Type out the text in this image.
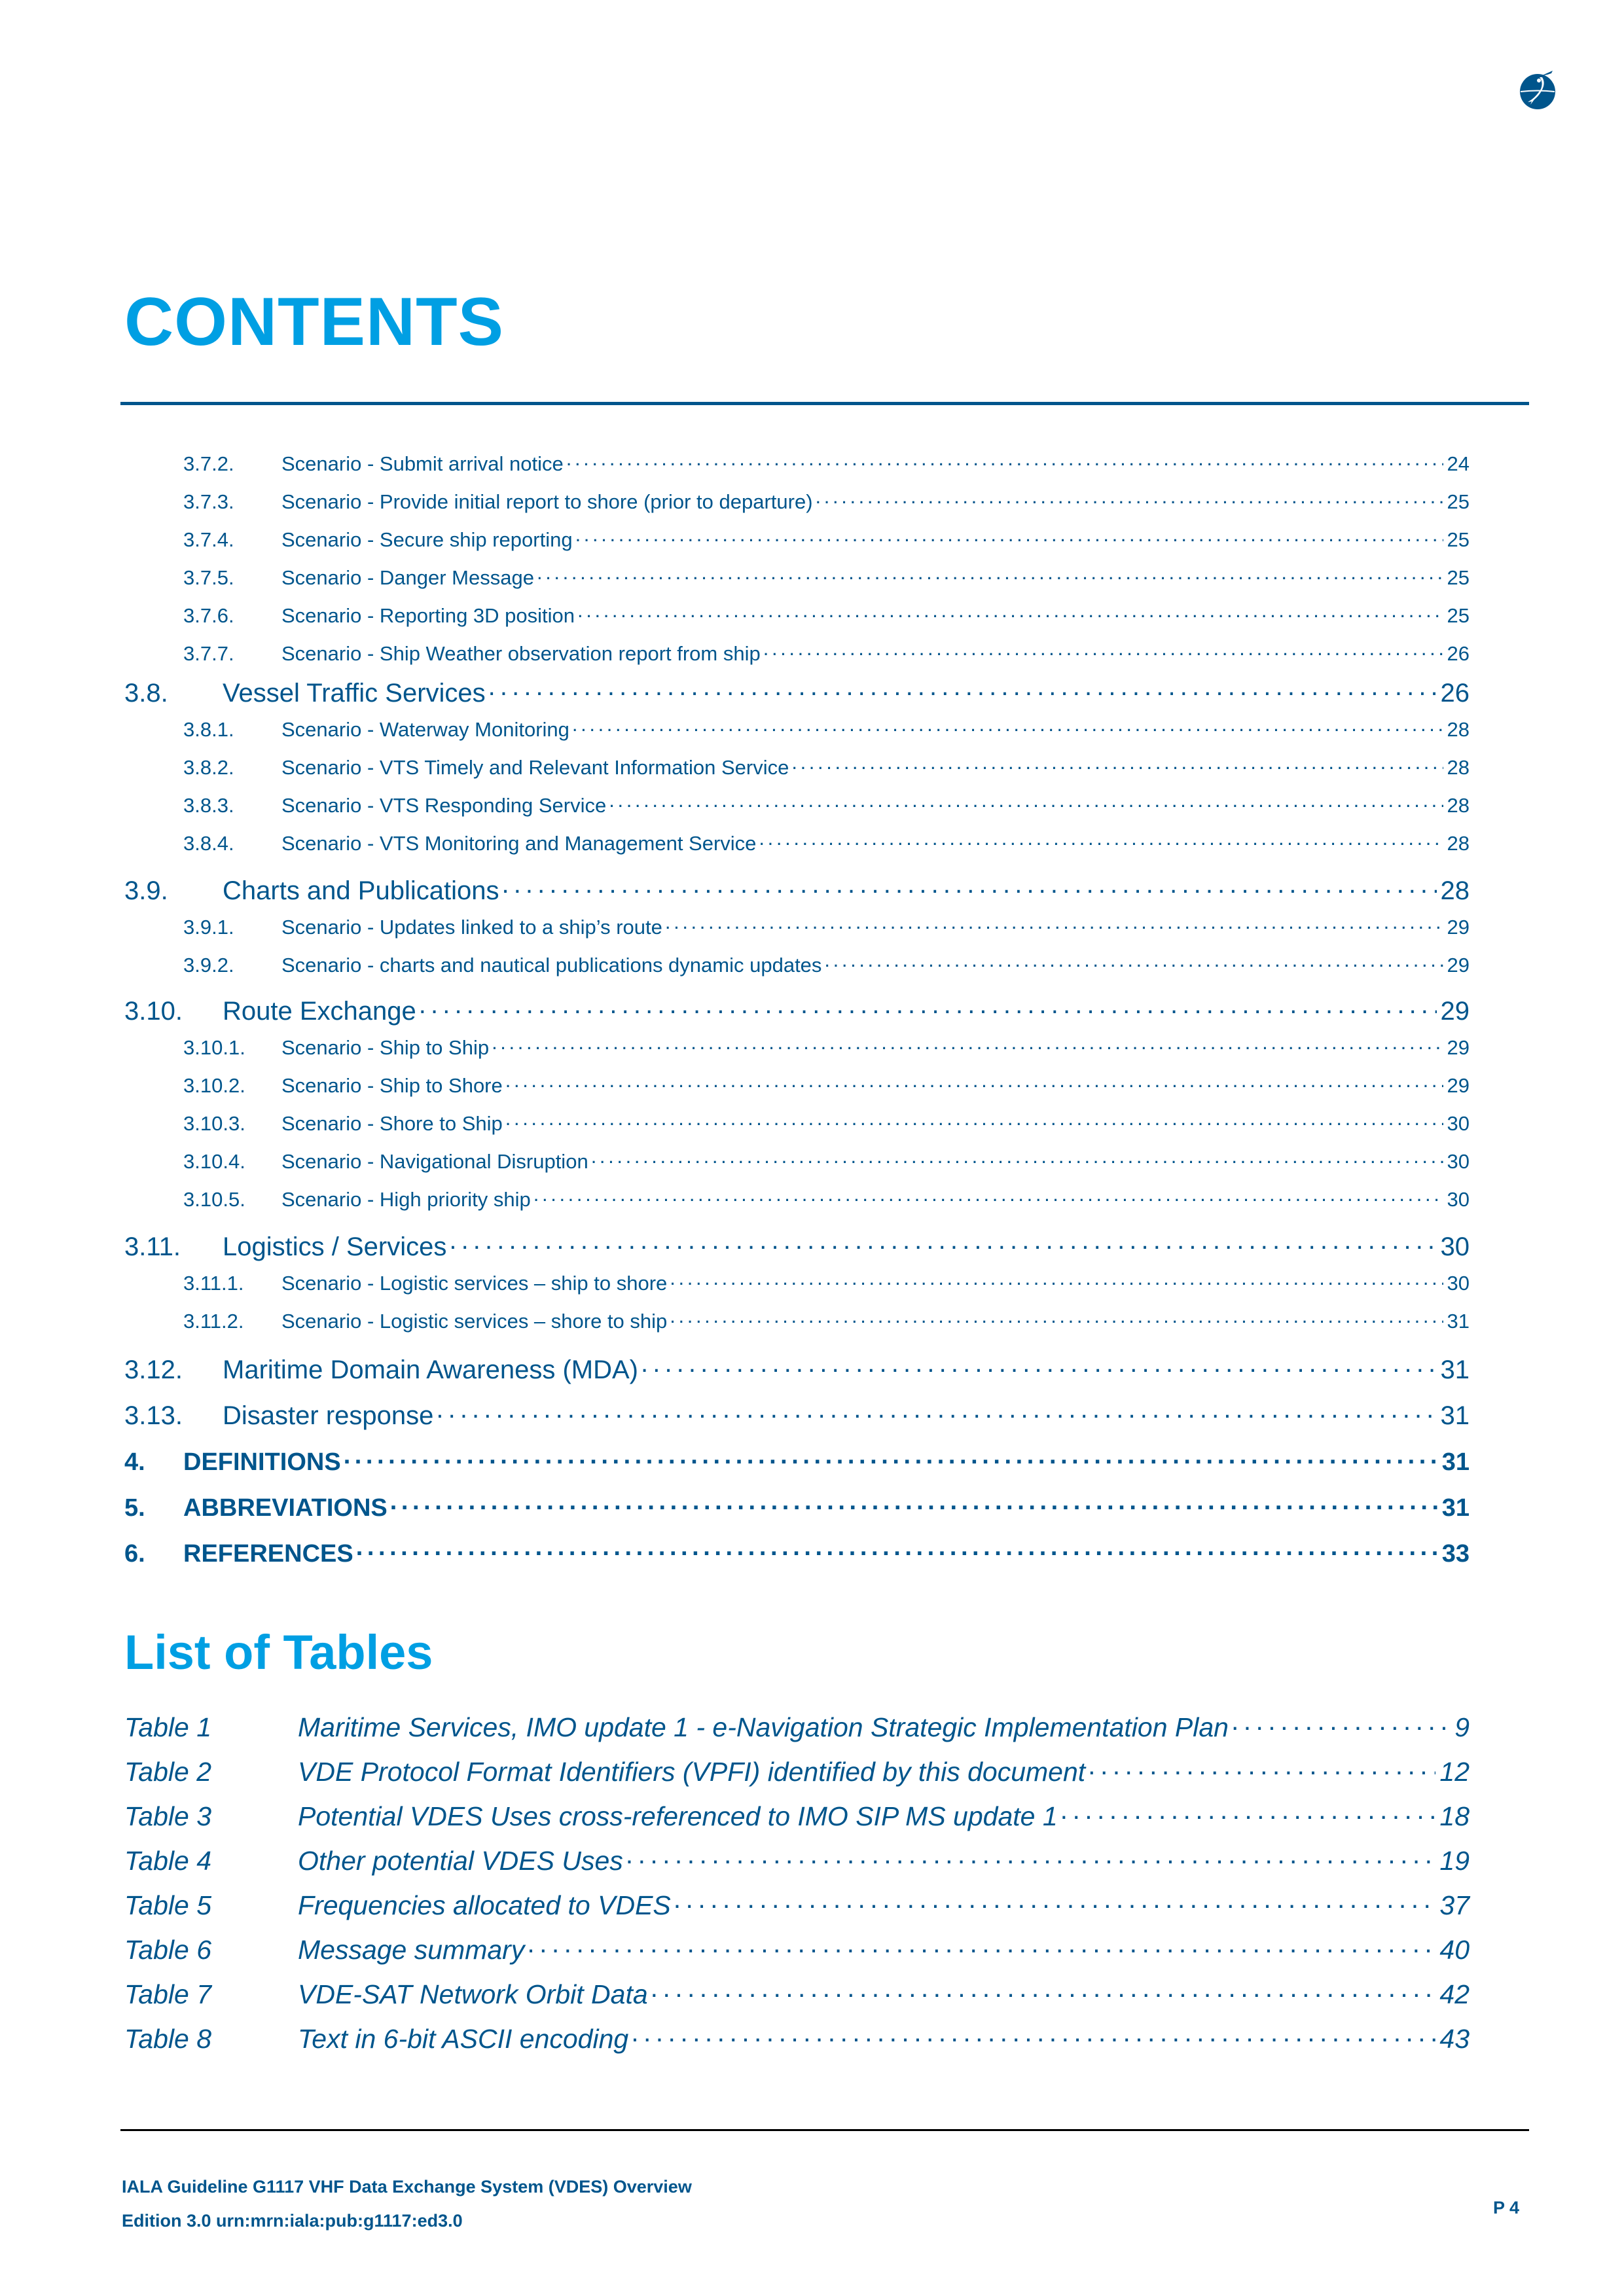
CONTENTS
3.7.2.	Scenario - Submit arrival notice . . .	24
3.7.3.	Scenario - Provide initial report to shore (prior to departure) . . .	25
3.7.4.	Scenario - Secure ship reporting . . .	25
3.7.5.	Scenario - Danger Message . . .	25
3.7.6.	Scenario - Reporting 3D position . . .	25
3.7.7.	Scenario - Ship Weather observation report from ship . . .	26
3.8.	Vessel Traffic Services . . .	26
3.8.1.	Scenario - Waterway Monitoring . . .	28
3.8.2.	Scenario - VTS Timely and Relevant Information Service . . .	28
3.8.3.	Scenario - VTS Responding Service . . .	28
3.8.4.	Scenario - VTS Monitoring and Management Service . . .	28
3.9.	Charts and Publications . . .	28
3.9.1.	Scenario - Updates linked to a ship’s route . . .	29
3.9.2.	Scenario - charts and nautical publications dynamic updates . . .	29
3.10.	Route Exchange . . .	29
3.10.1.	Scenario - Ship to Ship . . .	29
3.10.2.	Scenario - Ship to Shore . . .	29
3.10.3.	Scenario - Shore to Ship . . .	30
3.10.4.	Scenario - Navigational Disruption . . .	30
3.10.5.	Scenario - High priority ship . . .	30
3.11.	Logistics / Services . . .	30
3.11.1.	Scenario - Logistic services – ship to shore . . .	30
3.11.2.	Scenario - Logistic services – shore to ship . . .	31
3.12.	Maritime Domain Awareness (MDA) . . .	31
3.13.	Disaster response . . .	31
4.	DEFINITIONS . . .	31
5.	ABBREVIATIONS . . .	31
6.	REFERENCES . . .	33
List of Tables
Table 1	Maritime Services, IMO update 1 - e-Navigation Strategic Implementation Plan . . .	9
Table 2	VDE Protocol Format Identifiers (VPFI) identified by this document . . .	12
Table 3	Potential VDES Uses cross-referenced to IMO SIP MS update 1 . . .	18
Table 4	Other potential VDES Uses . . .	19
Table 5	Frequencies allocated to VDES . . .	37
Table 6	Message summary . . .	40
Table 7	VDE-SAT Network Orbit Data . . .	42
Table 8	Text in 6-bit ASCII encoding . . .	43
IALA Guideline G1117 VHF Data Exchange System (VDES) Overview
Edition 3.0 urn:mrn:iala:pub:g1117:ed3.0
P 4
